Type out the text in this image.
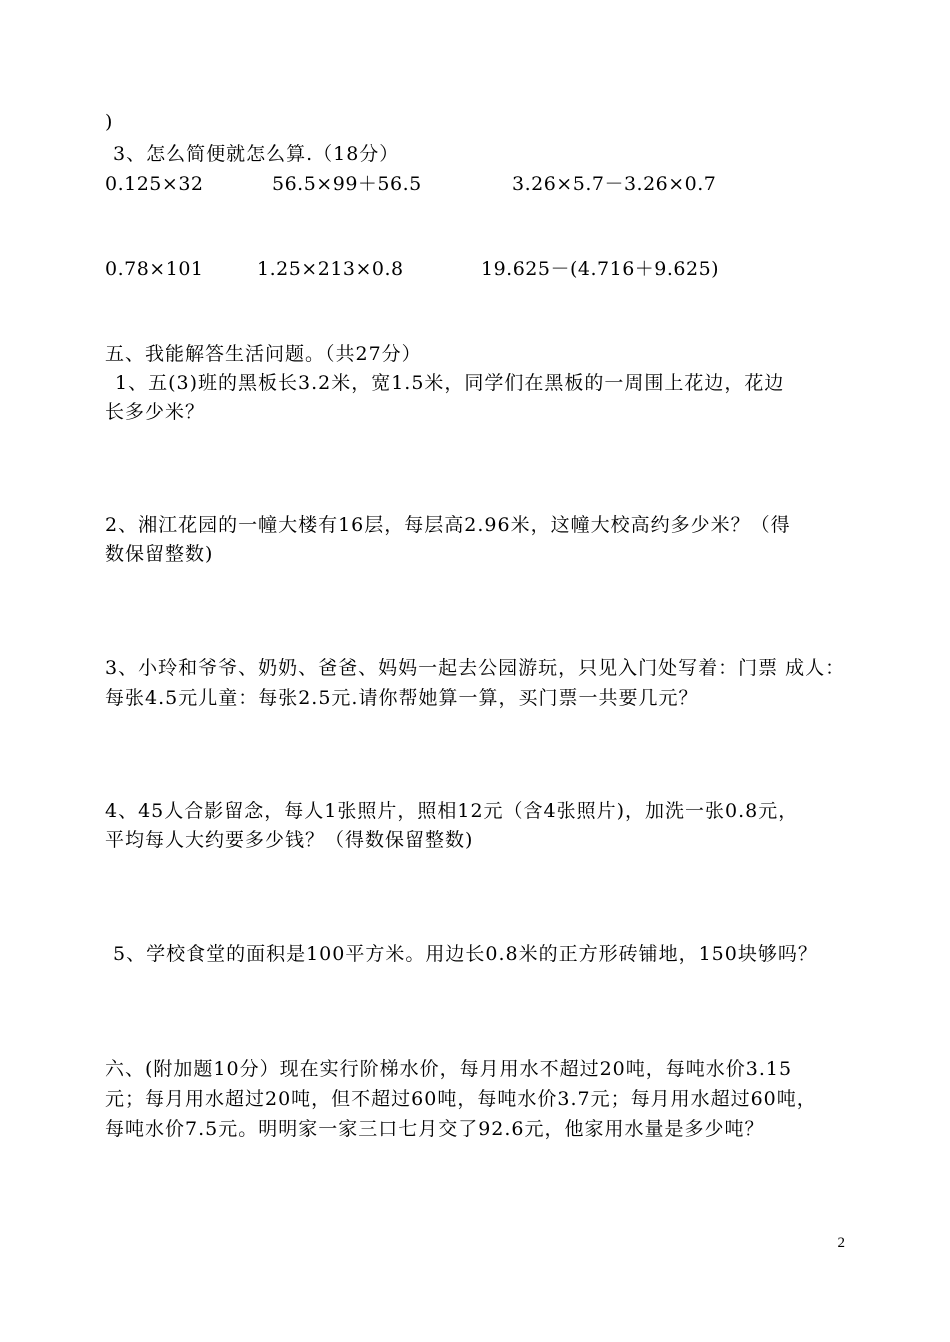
)
3、怎么简便就怎么算.（18分）
0.125×32	56.5×99＋56.5	3.26×5.7－3.26×0.7
0.78×101	1.25×213×0.8	19.625－(4.716＋9.625)
五、我能解答生活问题。（共27分）
1、五(3)班的黑板长3.2米，宽1.5米，同学们在黑板的一周围上花边，花边
长多少米？
2、湘江花园的一幢大楼有16层，每层高2.96米，这幢大校高约多少米？（得
数保留整数)
3、小玲和爷爷、奶奶、爸爸、妈妈一起去公园游玩，只见入门处写着：门票 成人：
每张4.5元儿童：每张2.5元.请你帮她算一算，买门票一共要几元？
4、45人合影留念，每人1张照片，照相12元（含4张照片)，加洗一张0.8元，
平均每人大约要多少钱？（得数保留整数)
5、学校食堂的面积是100平方米。用边长0.8米的正方形砖铺地，150块够吗？
六、(附加题10分）现在实行阶梯水价，每月用水不超过20吨，每吨水价3.15
元；每月用水超过20吨，但不超过60吨，每吨水价3.7元；每月用水超过60吨，
每吨水价7.5元。明明家一家三口七月交了92.6元，他家用水量是多少吨？
2
